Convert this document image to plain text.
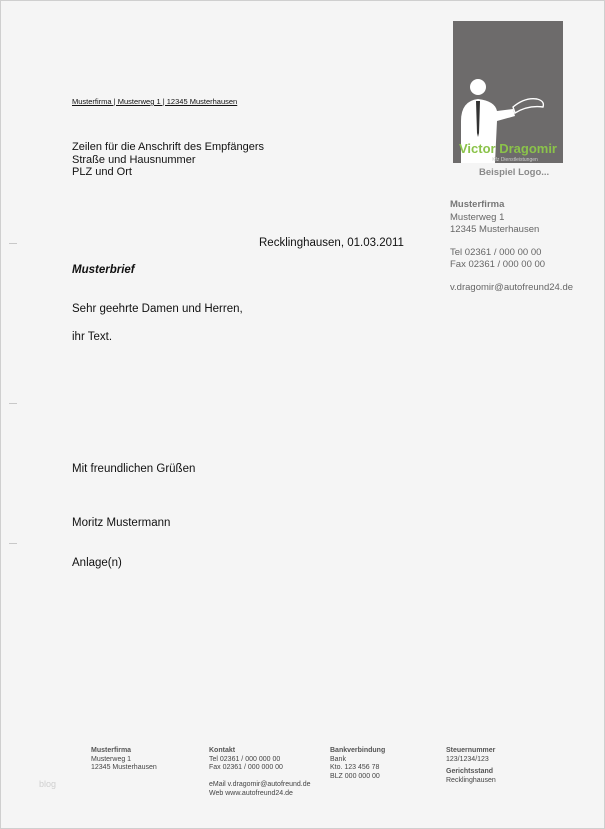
Musterfirma | Musterweg 1 | 12345 Musterhausen
Zeilen für die Anschrift des Empfängers
Straße und Hausnummer
PLZ und Ort
Recklinghausen, 01.03.2011
Musterbrief
Sehr geehrte Damen und Herren,
ihr Text.
Mit freundlichen Grüßen
Moritz Mustermann
Anlage(n)
Victor Dragomir
Kfz Dienstleistungen
Beispiel Logo...
Musterfirma
Musterweg 1
12345 Musterhausen
Tel 02361 / 000 00 00
Fax 02361 / 000 00 00
v.dragomir@autofreund24.de
Musterfirma
Musterweg 1
12345 Musterhausen
Kontakt
Tel 02361 / 000 000 00
Fax 02361 / 000 000 00
eMail v.dragomir@autofreund.de
Web www.autofreund24.de
Bankverbindung
Bank
Kto. 123 456 78
BLZ 000 000 00
Steuernummer
123/1234/123
Gerichtsstand
Recklinghausen
blog
